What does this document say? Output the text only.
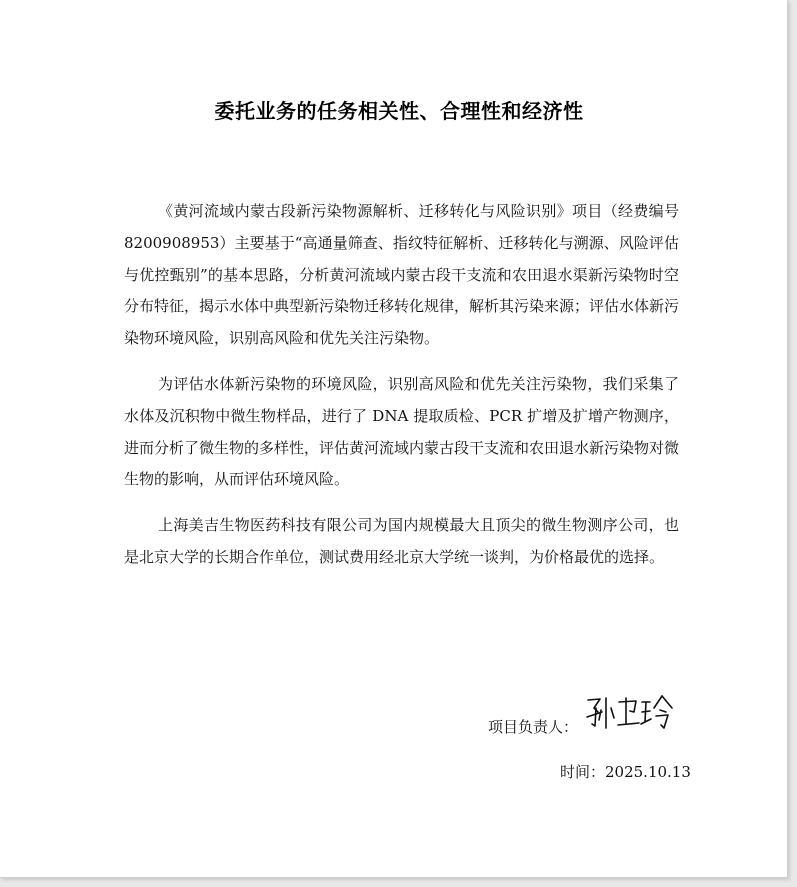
委托业务的任务相关性、合理性和经济性

《黄河流域内蒙古段新污染物源解析、迁移转化与风险识别》项目（经费编号 8200908953）主要基于“高通量筛查、指纹特征解析、迁移转化与溯源、风险评估与优控甄别”的基本思路，分析黄河流域内蒙古段干支流和农田退水渠新污染物时空分布特征，揭示水体中典型新污染物迁移转化规律，解析其污染来源；评估水体新污染物环境风险，识别高风险和优先关注污染物。

为评估水体新污染物的环境风险，识别高风险和优先关注污染物，我们采集了水体及沉积物中微生物样品，进行了 DNA 提取质检、PCR 扩增及扩增产物测序，进而分析了微生物的多样性，评估黄河流域内蒙古段干支流和农田退水新污染物对微生物的影响，从而评估环境风险。

上海美吉生物医药科技有限公司为国内规模最大且顶尖的微生物测序公司，也是北京大学的长期合作单位，测试费用经北京大学统一谈判，为价格最优的选择。

项目负责人：
时间：2025.10.13
